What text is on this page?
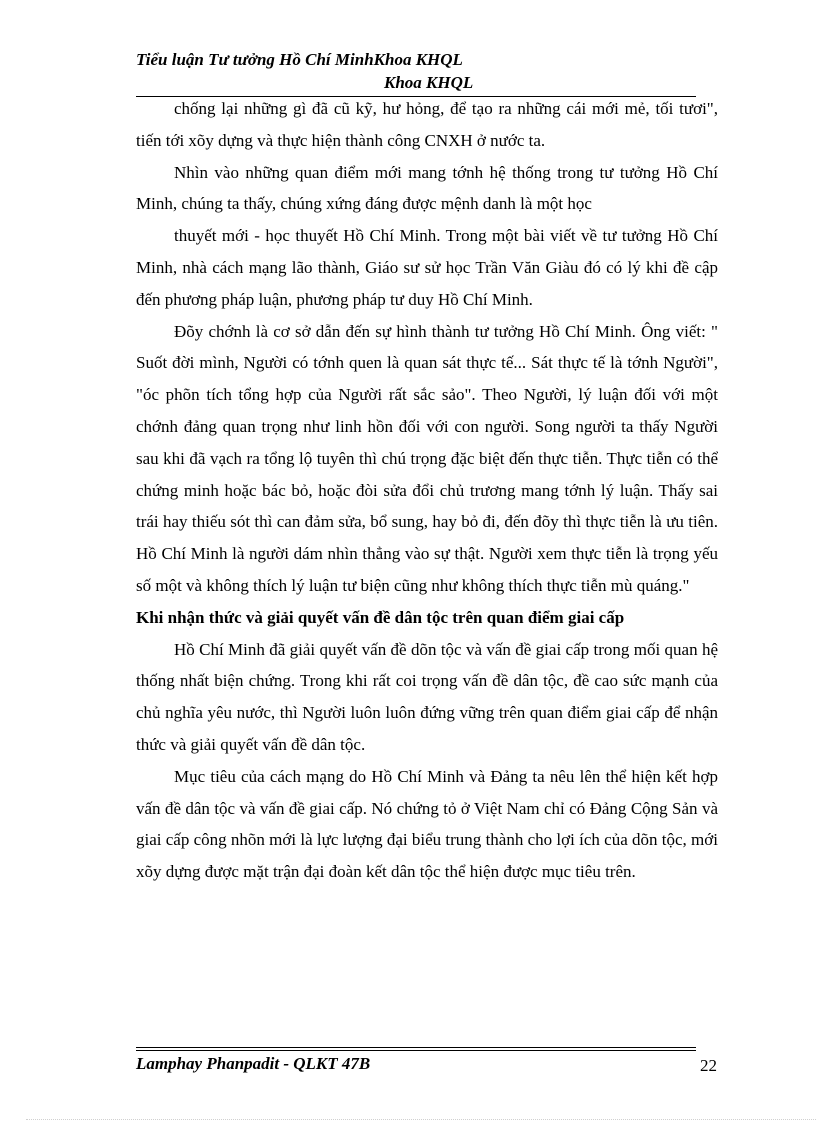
Tiểu luận Tư tưởng Hồ Chí MinhKhoa KHQL
Khoa KHQL

chống lại những gì đã cũ kỹ, hư hỏng, để tạo ra những cái mới mẻ, tối tươi", tiến tới xõy dựng và thực hiện thành công CNXH ở nước ta.

Nhìn vào những quan điểm mới mang tớnh hệ thống trong tư tưởng Hồ Chí Minh, chúng ta thấy, chúng xứng đáng được mệnh danh là một học

thuyết mới - học thuyết Hồ Chí Minh. Trong một bài viết về tư tưởng Hồ Chí Minh, nhà cách mạng lão thành, Giáo sư sử học Trần Văn Giàu đó có lý khi đề cập đến phương pháp luận, phương pháp tư duy Hồ Chí Minh.

Đõy chớnh là cơ sở dẫn đến sự hình thành tư tưởng Hồ Chí Minh. Ông viết: " Suốt đời mình, Người có tớnh quen là quan sát thực tế... Sát thực tế là tớnh Người", "óc phõn tích tổng hợp của Người rất sắc sảo". Theo Người, lý luận đối với một chớnh đảng quan trọng như linh hồn đối với con người. Song người ta thấy Người sau khi đã vạch ra tổng lộ tuyên thì chú trọng đặc biệt đến thực tiễn. Thực tiễn có thể chứng minh hoặc bác bỏ, hoặc đòi sửa đổi chủ trương mang tớnh lý luận. Thấy sai trái hay thiếu sót thì can đảm sửa, bổ sung, hay bỏ đi, đến đõy thì thực tiễn là ưu tiên. Hồ Chí Minh là người dám nhìn thẳng vào sự thật. Người xem thực tiễn là trọng yếu số một và không thích lý luận tư biện cũng như không thích thực tiễn mù quáng."

Khi nhận thức và giải quyết vấn đề dân tộc trên quan điểm giai cấp

Hồ Chí Minh đã giải quyết vấn đề dõn tộc và vấn đề giai cấp trong mối quan hệ thống nhất biện chứng. Trong khi rất coi trọng vấn đề dân tộc, đề cao sức mạnh của chủ nghĩa yêu nước, thì Người luôn luôn đứng vững trên quan điểm giai cấp để nhận thức và giải quyết vấn đề dân tộc.

Mục tiêu của cách mạng do Hồ Chí Minh và Đảng ta nêu lên thể hiện kết hợp vấn đề dân tộc và vấn đề giai cấp. Nó chứng tỏ ở Việt Nam chỉ có Đảng Cộng Sản và giai cấp công nhõn mới là lực lượng đại biểu trung thành cho lợi ích của dõn tộc, mới xõy dựng được mặt trận đại đoàn kết dân tộc thể hiện được mục tiêu trên.

Lamphay Phanpadit - QLKT 47B	22
